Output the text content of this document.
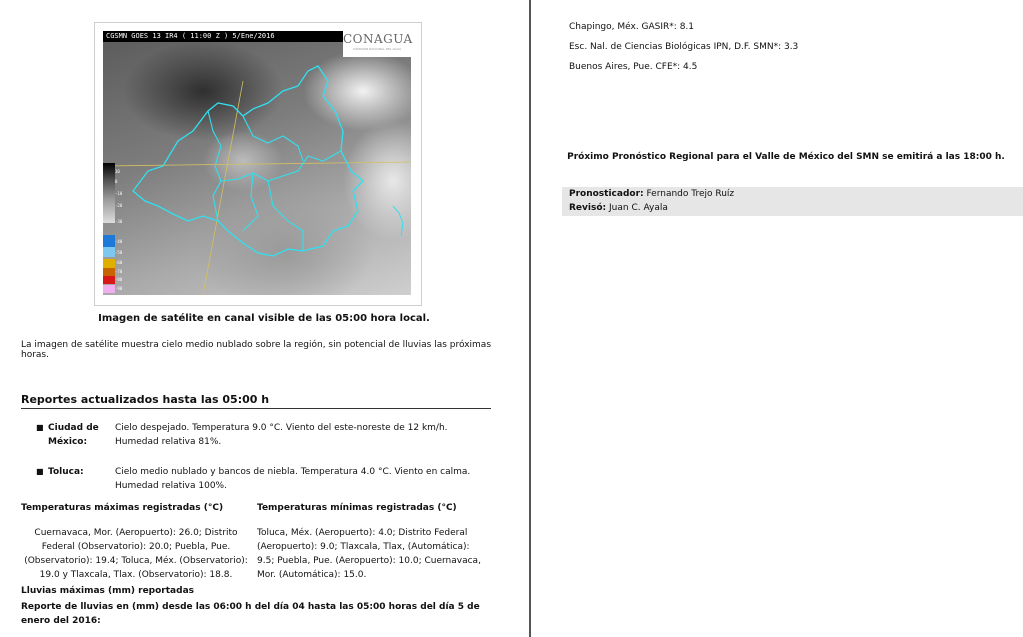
CGSMN GOES 13 IR4 ( 11:00 Z ) 5/Ene/2016	CONAGUA
COMISIÓN NACIONAL DEL AGUA
10
0
-10
-20
-30
-40
-50
-60
-70
-80
-90
Imagen de satélite en canal visible de las 05:00 hora local.
La imagen de satélite muestra cielo medio nublado sobre la región, sin potencial de lluvias las próximas horas.
Reportes actualizados hasta las 05:00 h
■ Ciudad de México:
Cielo despejado. Temperatura 9.0 °C. Viento del este-noreste de 12 km/h. Humedad relativa 81%.
■ Toluca:	Cielo medio nublado y bancos de niebla. Temperatura 4.0 °C. Viento en calma. Humedad relativa 100%.
Temperaturas máximas registradas (°C)	Temperaturas mínimas registradas (°C)
Cuernavaca, Mor. (Aeropuerto): 26.0; Distrito Federal (Observatorio): 20.0; Puebla, Pue. (Observatorio): 19.4; Toluca, Méx. (Observatorio): 19.0 y Tlaxcala, Tlax. (Observatorio): 18.8.
Toluca, Méx. (Aeropuerto): 4.0; Distrito Federal (Aeropuerto): 9.0; Tlaxcala, Tlax, (Automática): 9.5; Puebla, Pue. (Aeropuerto): 10.0; Cuernavaca, Mor. (Automática): 15.0.
Lluvias máximas (mm) reportadas
Reporte de lluvias en (mm) desde las 06:00 h del día 04 hasta las 05:00 horas del día 5 de enero del 2016:
Chapingo, Méx. GASIR*: 8.1
Esc. Nal. de Ciencias Biológicas IPN, D.F. SMN*: 3.3
Buenos Aires, Pue. CFE*: 4.5
Próximo Pronóstico Regional para el Valle de México del SMN se emitirá a las 18:00 h.
Pronosticador: Fernando Trejo Ruíz
Revisó: Juan C. Ayala
